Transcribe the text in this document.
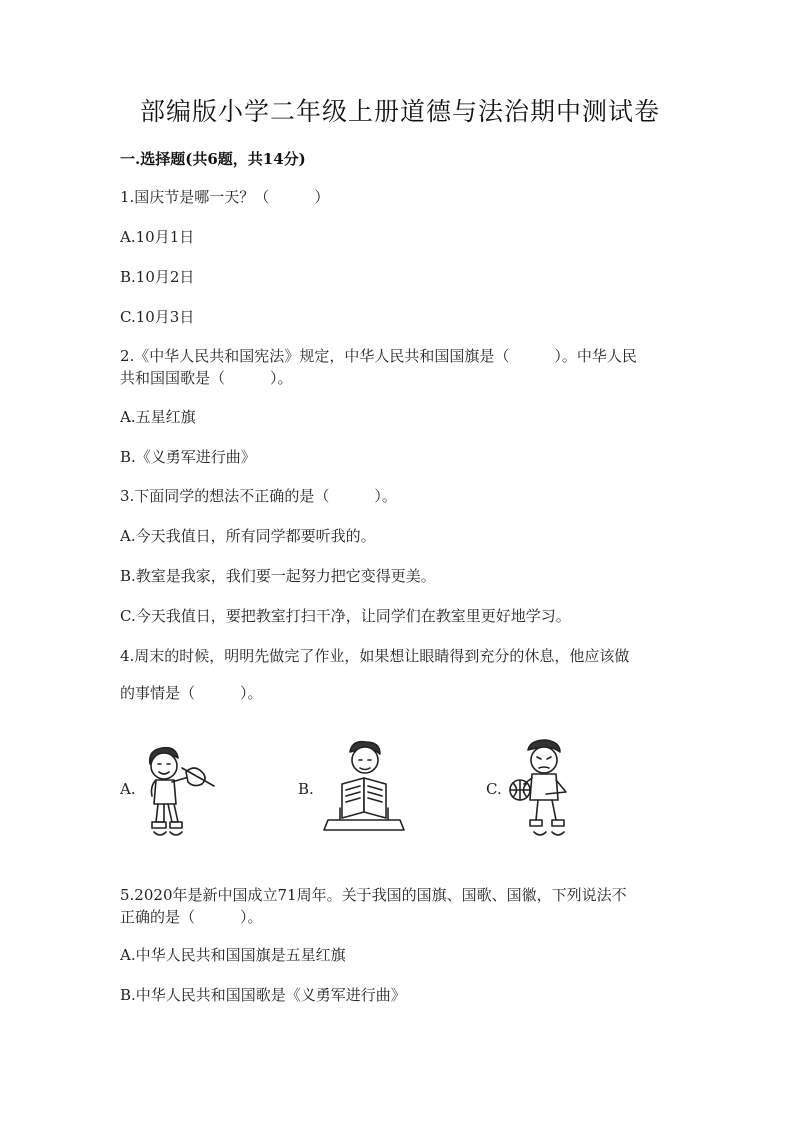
部编版小学二年级上册道德与法治期中测试卷
一.选择题(共6题，共14分)
1.国庆节是哪一天？（　　　）
A.10月1日
B.10月2日
C.10月3日
2.《中华人民共和国宪法》规定，中华人民共和国国旗是（　　　）。中华人民
共和国国歌是（　　　）。
A.五星红旗
B.《义勇军进行曲》
3.下面同学的想法不正确的是（　　　）。
A.今天我值日，所有同学都要听我的。
B.教室是我家，我们要一起努力把它变得更美。
C.今天我值日，要把教室打扫干净，让同学们在教室里更好地学习。
4.周末的时候，明明先做完了作业，如果想让眼睛得到充分的休息，他应该做
的事情是（　　　）。
A.	B.	C.
5.2020年是新中国成立71周年。关于我国的国旗、国歌、国徽，下列说法不
正确的是（　　　）。
A.中华人民共和国国旗是五星红旗
B.中华人民共和国国歌是《义勇军进行曲》
